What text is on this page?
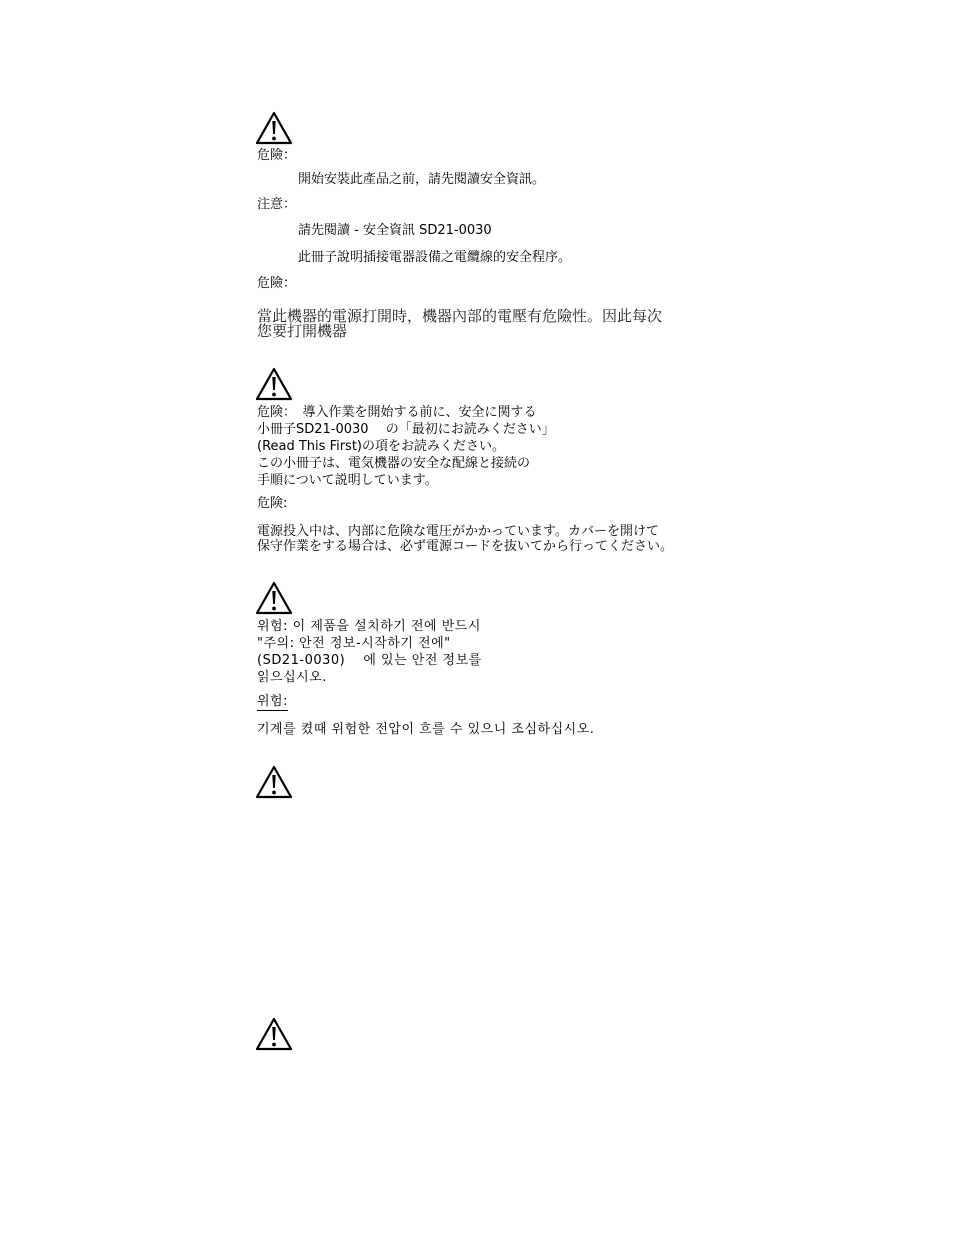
危險：
開始安裝此產品之前，請先閱讀安全資訊。
注意：
請先閱讀 - 安全資訊 SD21-0030
此冊子說明插接電器設備之電纜線的安全程序。
危險：
當此機器的電源打開時，機器內部的電壓有危險性。因此每次
您要打開機器
危険：　導入作業を開始する前に、安全に関する
小冊子SD21-0030　 の「最初にお読みください」
(Read This First)の項をお読みください。
この小冊子は、電気機器の安全な配線と接続の
手順について説明しています。
危険:
電源投入中は、内部に危険な電圧がかかっています。カバーを開けて
保守作業をする場合は、必ず電源コードを抜いてから行ってください。
위험: 이 제품을 설치하기 전에 반드시
"주의: 안전 정보-시작하기 전에"
(SD21-0030)　 에 있는 안전 정보를
읽으십시오.
위험:
기계를 켰때 위험한 전압이 흐를 수 있으니 조심하십시오.
